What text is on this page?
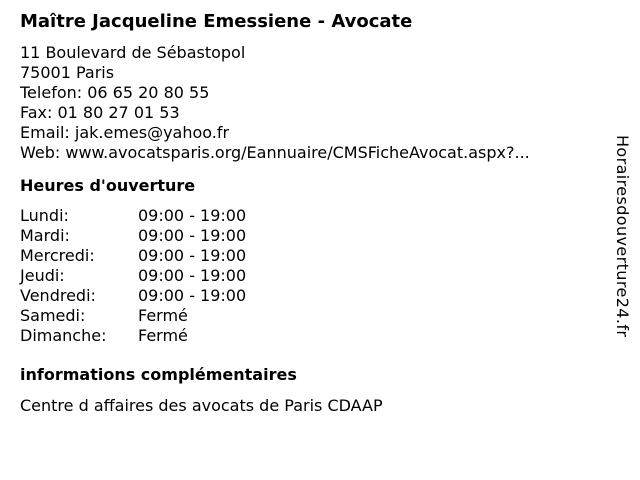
Maître Jacqueline Emessiene - Avocate
11 Boulevard de Sébastopol
75001 Paris
Telefon: 06 65 20 80 55
Fax: 01 80 27 01 53
Email: jak.emes@yahoo.fr
Web: www.avocatsparis.org/Eannuaire/CMSFicheAvocat.aspx?...
Heures d'ouverture
Lundi:	09:00 - 19:00
Mardi:	09:00 - 19:00
Mercredi:	09:00 - 19:00
Jeudi:	09:00 - 19:00
Vendredi:	09:00 - 19:00
Samedi:	Fermé
Dimanche:	Fermé
informations complémentaires
Centre d affaires des avocats de Paris CDAAP
Horairesdouverture24.fr
